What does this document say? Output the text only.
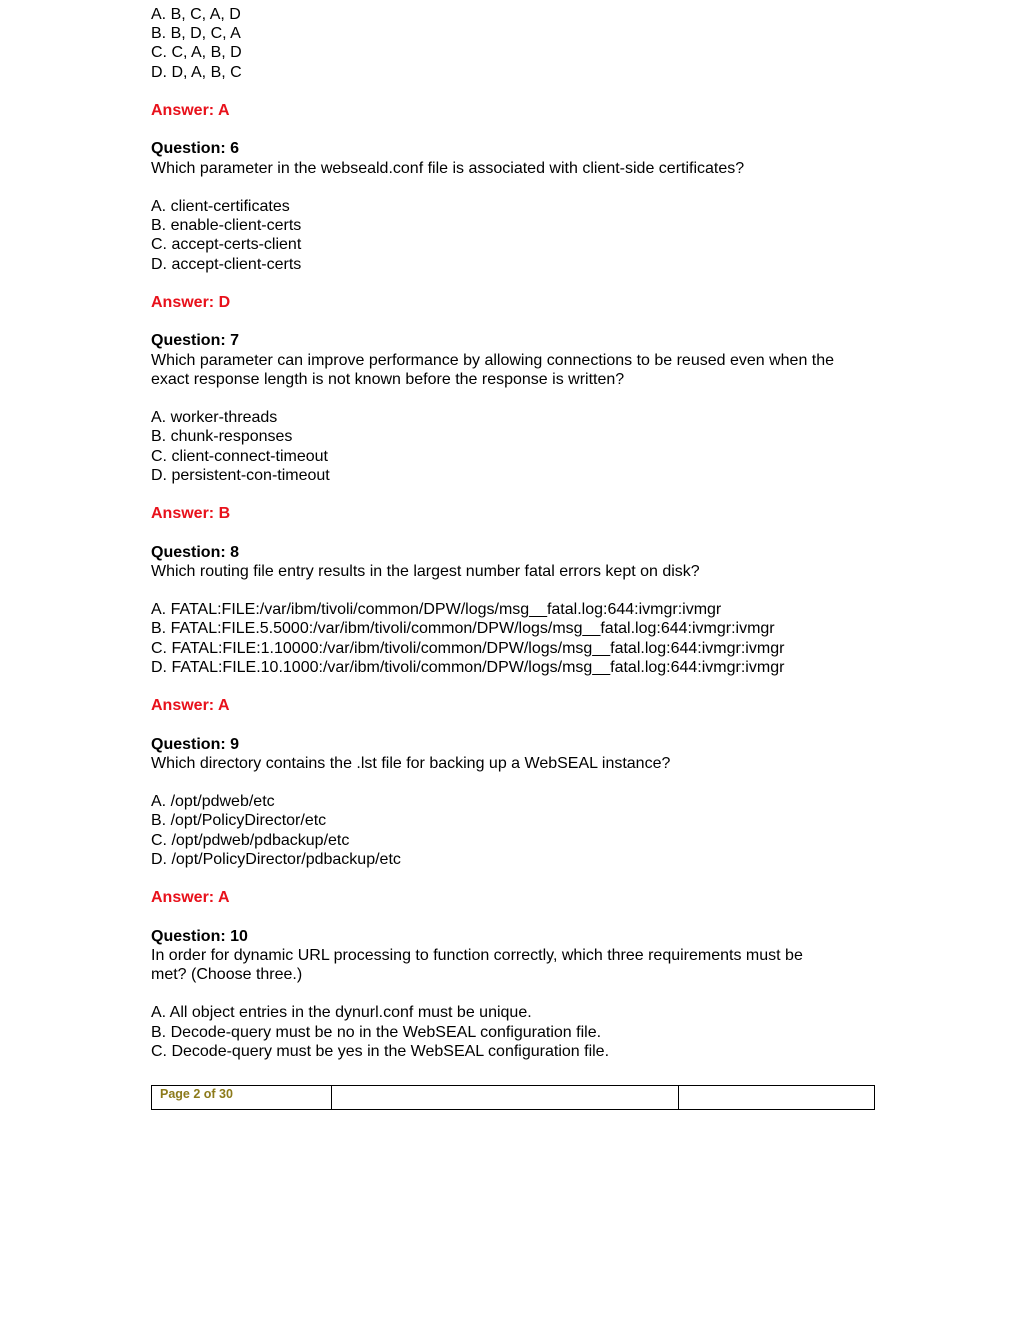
A. B, C, A, D
B. B, D, C, A
C. C, A, B, D
D. D, A, B, C
Answer: A
Question: 6
Which parameter in the webseald.conf file is associated with client-side certificates?
A. client-certificates
B. enable-client-certs
C. accept-certs-client
D. accept-client-certs
Answer: D
Question: 7
Which parameter can improve performance by allowing connections to be reused even when the
exact response length is not known before the response is written?
A. worker-threads
B. chunk-responses
C. client-connect-timeout
D. persistent-con-timeout
Answer: B
Question: 8
Which routing file entry results in the largest number fatal errors kept on disk?
A. FATAL:FILE:/var/ibm/tivoli/common/DPW/logs/msg__fatal.log:644:ivmgr:ivmgr
B. FATAL:FILE.5.5000:/var/ibm/tivoli/common/DPW/logs/msg__fatal.log:644:ivmgr:ivmgr
C. FATAL:FILE:1.10000:/var/ibm/tivoli/common/DPW/logs/msg__fatal.log:644:ivmgr:ivmgr
D. FATAL:FILE.10.1000:/var/ibm/tivoli/common/DPW/logs/msg__fatal.log:644:ivmgr:ivmgr
Answer: A
Question: 9
Which directory contains the .lst file for backing up a WebSEAL instance?
A. /opt/pdweb/etc
B. /opt/PolicyDirector/etc
C. /opt/pdweb/pdbackup/etc
D. /opt/PolicyDirector/pdbackup/etc
Answer: A
Question: 10
In order for dynamic URL processing to function correctly, which three requirements must be
met? (Choose three.)
A. All object entries in the dynurl.conf must be unique.
B. Decode-query must be no in the WebSEAL configuration file.
C. Decode-query must be yes in the WebSEAL configuration file.
Page 2 of 30
